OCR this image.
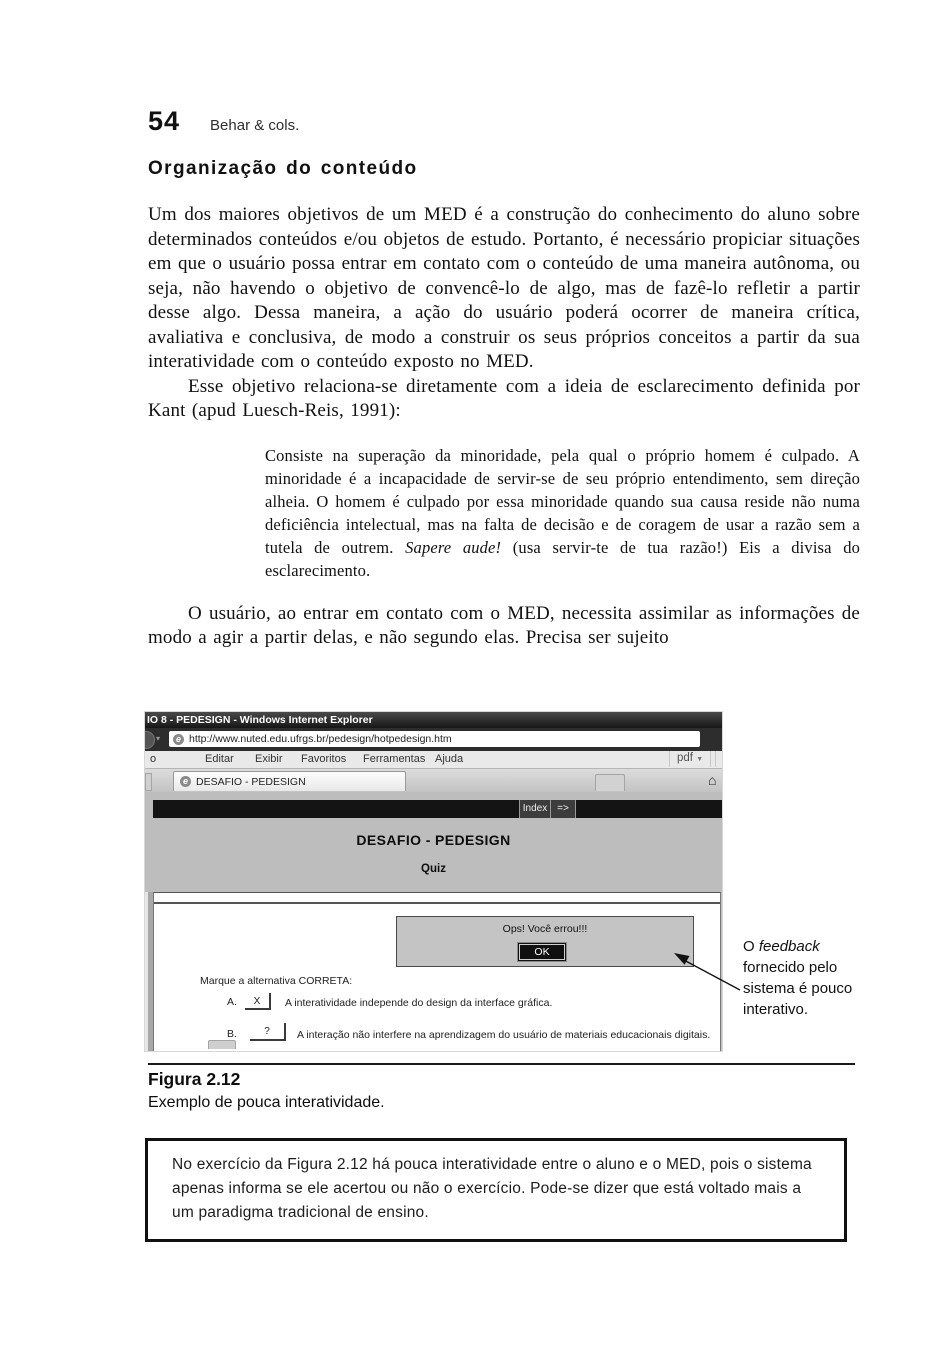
54 Behar & cols.
Organização do conteúdo

Um dos maiores objetivos de um MED é a construção do conhecimento do aluno sobre determinados conteúdos e/ou objetos de estudo. Portanto, é necessário propiciar situações em que o usuário possa entrar em contato com o conteúdo de uma maneira autônoma, ou seja, não havendo o objetivo de convencê-lo de algo, mas de fazê-lo refletir a partir desse algo. Dessa maneira, a ação do usuário poderá ocorrer de maneira crítica, avaliativa e conclusiva, de modo a construir os seus próprios conceitos a partir da sua interatividade com o conteúdo exposto no MED.

Esse objetivo relaciona-se diretamente com a ideia de esclarecimento definida por Kant (apud Luesch-Reis, 1991):

Consiste na superação da minoridade, pela qual o próprio homem é culpado. A minoridade é a incapacidade de servir-se de seu próprio entendimento, sem direção alheia. O homem é culpado por essa minoridade quando sua causa reside não numa deficiência intelectual, mas na falta de decisão e de coragem de usar a razão sem a tutela de outrem. Sapere aude! (usa servir-te de tua razão!) Eis a divisa do esclarecimento.

O usuário, ao entrar em contato com o MED, necessita assimilar as informações de modo a agir a partir delas, e não segundo elas. Precisa ser sujeito

IO 8 - PEDESIGN - Windows Internet Explorer
▾	e http://www.nuted.edu.ufrgs.br/pedesign/hotpedesign.htm
o	Editar Exibir Favoritos Ferramentas Ajuda	pdf ▼
e DESAFIO - PEDESIGN	⌂
Index =>
DESAFIO - PEDESIGN
Quiz
Ops! Você errou!!!
OK
Marque a alternativa CORRETA:
A.	X	A interatividade independe do design da interface gráfica.
B.	?	A interação não interfere na aprendizagem do usuário de materiais educacionais digitais.
O feedback fornecido pelo sistema é pouco interativo.
Figura 2.12
Exemplo de pouca interatividade.

No exercício da Figura 2.12 há pouca interatividade entre o aluno e o MED, pois o sistema apenas informa se ele acertou ou não o exercício. Pode-se dizer que está voltado mais a um paradigma tradicional de ensino.
